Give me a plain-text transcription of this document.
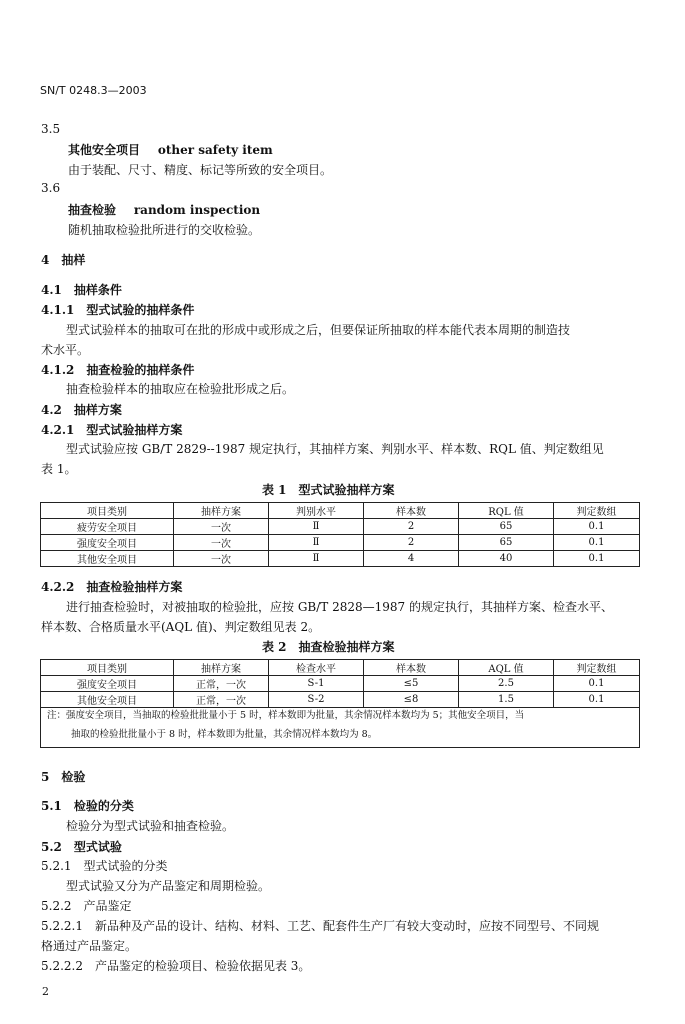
SN/T 0248.3—2003
3.5
其他安全项目 other safety item
由于装配、尺寸、精度、标记等所致的安全项目。
3.6
抽查检验 random inspection
随机抽取检验批所进行的交收检验。
4　抽样
4.1　抽样条件
4.1.1　型式试验的抽样条件
型式试验样本的抽取可在批的形成中或形成之后，但要保证所抽取的样本能代表本周期的制造技
术水平。
4.1.2　抽查检验的抽样条件
抽查检验样本的抽取应在检验批形成之后。
4.2　抽样方案
4.2.1　型式试验抽样方案
型式试验应按 GB/T 2829--1987 规定执行，其抽样方案、判别水平、样本数、RQL 值、判定数组见
表 1。
表 1　型式试验抽样方案
项目类别	抽样方案	判别水平	样本数	RQL 值	判定数组
疲劳安全项目	一次	Ⅱ	2	65	0.1
强度安全项目	一次	Ⅱ	2	65	0.1
其他安全项目	一次	Ⅱ	4	40	0.1
4.2.2　抽查检验抽样方案
进行抽查检验时，对被抽取的检验批，应按 GB/T 2828—1987 的规定执行，其抽样方案、检查水平、
样本数、合格质量水平(AQL 值)、判定数组见表 2。
表 2　抽查检验抽样方案
项目类别	抽样方案	检查水平	样本数	AQL 值	判定数组
强度安全项目	正常，一次	S-1	≤5	2.5	0.1
其他安全项目	正常，一次	S-2	≤8	1.5	0.1
注：强度安全项目，当抽取的检验批批量小于 5 时，样本数即为批量，其余情况样本数均为 5；其他安全项目，当
抽取的检验批批量小于 8 时，样本数即为批量，其余情况样本数均为 8。
5　检验
5.1　检验的分类
检验分为型式试验和抽查检验。
5.2　型式试验
5.2.1　型式试验的分类
型式试验又分为产品鉴定和周期检验。
5.2.2　产品鉴定
5.2.2.1　新品种及产品的设计、结构、材料、工艺、配套件生产厂有较大变动时，应按不同型号、不同规
格通过产品鉴定。
5.2.2.2　产品鉴定的检验项目、检验依据见表 3。
2
